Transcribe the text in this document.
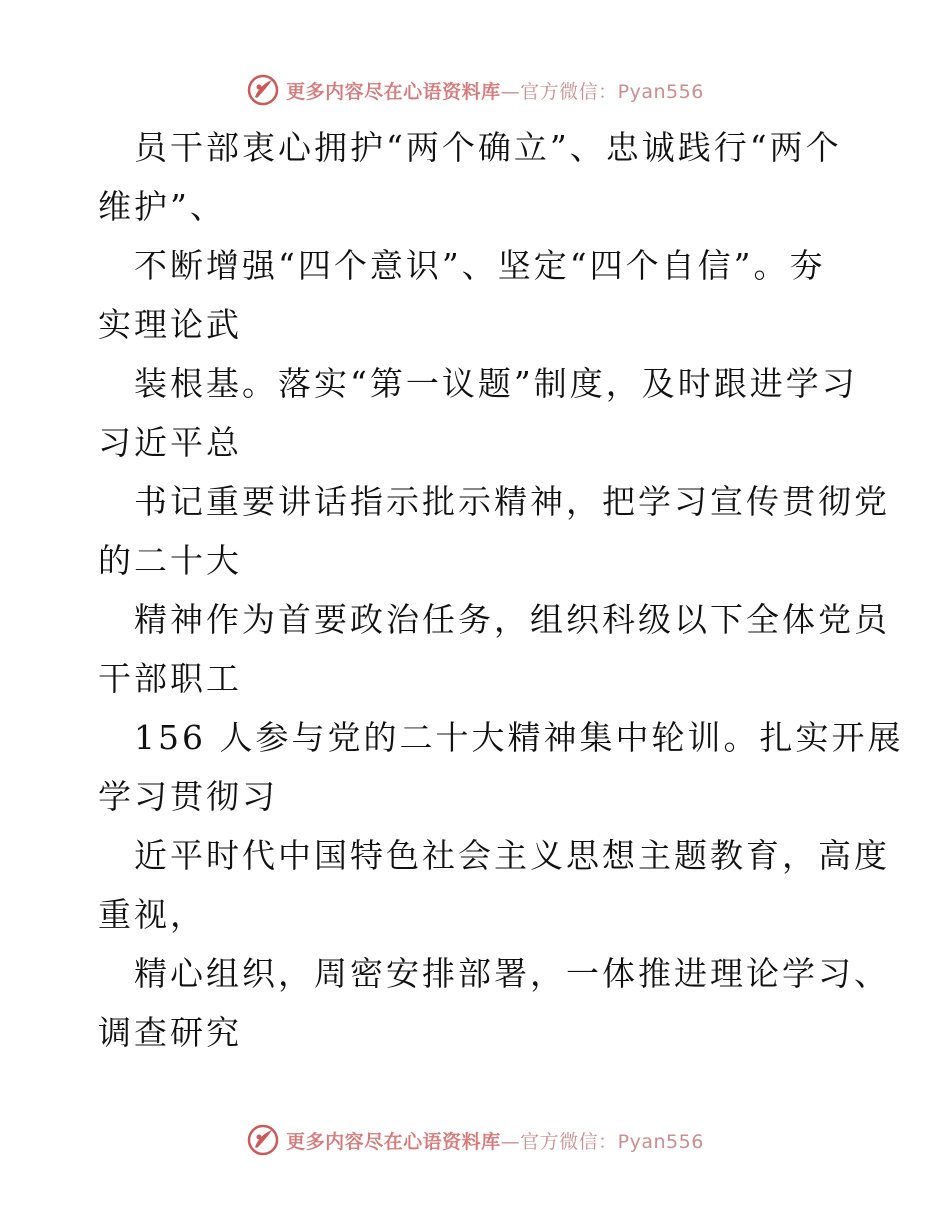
更多内容尽在心语资料库—官方微信：Pyan556
员干部衷心拥护“两个确立”、忠诚践行“两个
维护”、
不断增强“四个意识”、坚定“四个自信”。夯
实理论武
装根基。落实“第一议题”制度，及时跟进学习
习近平总
书记重要讲话指示批示精神，把学习宣传贯彻党
的二十大
精神作为首要政治任务，组织科级以下全体党员
干部职工
156 人参与党的二十大精神集中轮训。扎实开展
学习贯彻习
近平时代中国特色社会主义思想主题教育，高度
重视，
精心组织，周密安排部署，一体推进理论学习、
调查研究
更多内容尽在心语资料库—官方微信：Pyan556
